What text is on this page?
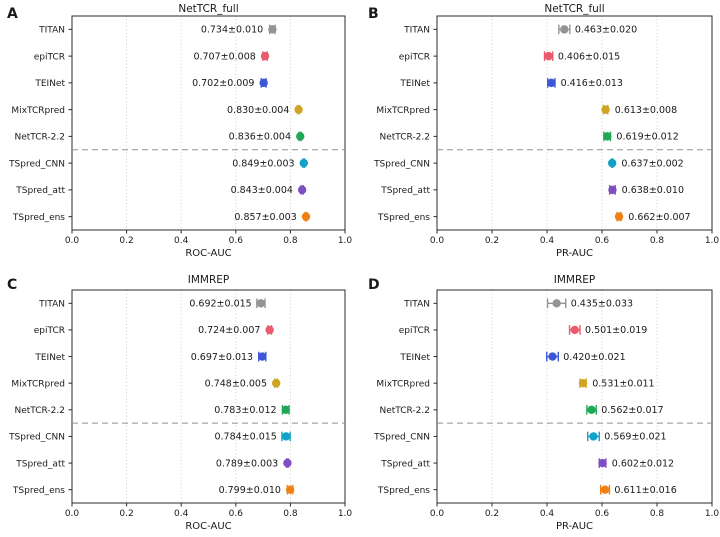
A	NetTCR_full
0.0	0.2	0.4	0.6	0.8	1.0
ROC-AUC
TITAN	0.734±0.010
epiTCR	0.707±0.008
TEINet	0.702±0.009
MixTCRpred	0.830±0.004
NetTCR-2.2	0.836±0.004
TSpred_CNN	0.849±0.003
TSpred_att	0.843±0.004
TSpred_ens	0.857±0.003
B	NetTCR_full
0.0	0.2	0.4	0.6	0.8	1.0
PR-AUC
TITAN	0.463±0.020
epiTCR	0.406±0.015
TEINet	0.416±0.013
MixTCRpred	0.613±0.008
NetTCR-2.2	0.619±0.012
TSpred_CNN	0.637±0.002
TSpred_att	0.638±0.010
TSpred_ens	0.662±0.007
C	IMMREP
0.0	0.2	0.4	0.6	0.8	1.0
ROC-AUC
TITAN	0.692±0.015
epiTCR	0.724±0.007
TEINet	0.697±0.013
MixTCRpred	0.748±0.005
NetTCR-2.2	0.783±0.012
TSpred_CNN	0.784±0.015
TSpred_att	0.789±0.003
TSpred_ens	0.799±0.010
D	IMMREP
0.0	0.2	0.4	0.6	0.8	1.0
PR-AUC
TITAN	0.435±0.033
epiTCR	0.501±0.019
TEINet	0.420±0.021
MixTCRpred	0.531±0.011
NetTCR-2.2	0.562±0.017
TSpred_CNN	0.569±0.021
TSpred_att	0.602±0.012
TSpred_ens	0.611±0.016
